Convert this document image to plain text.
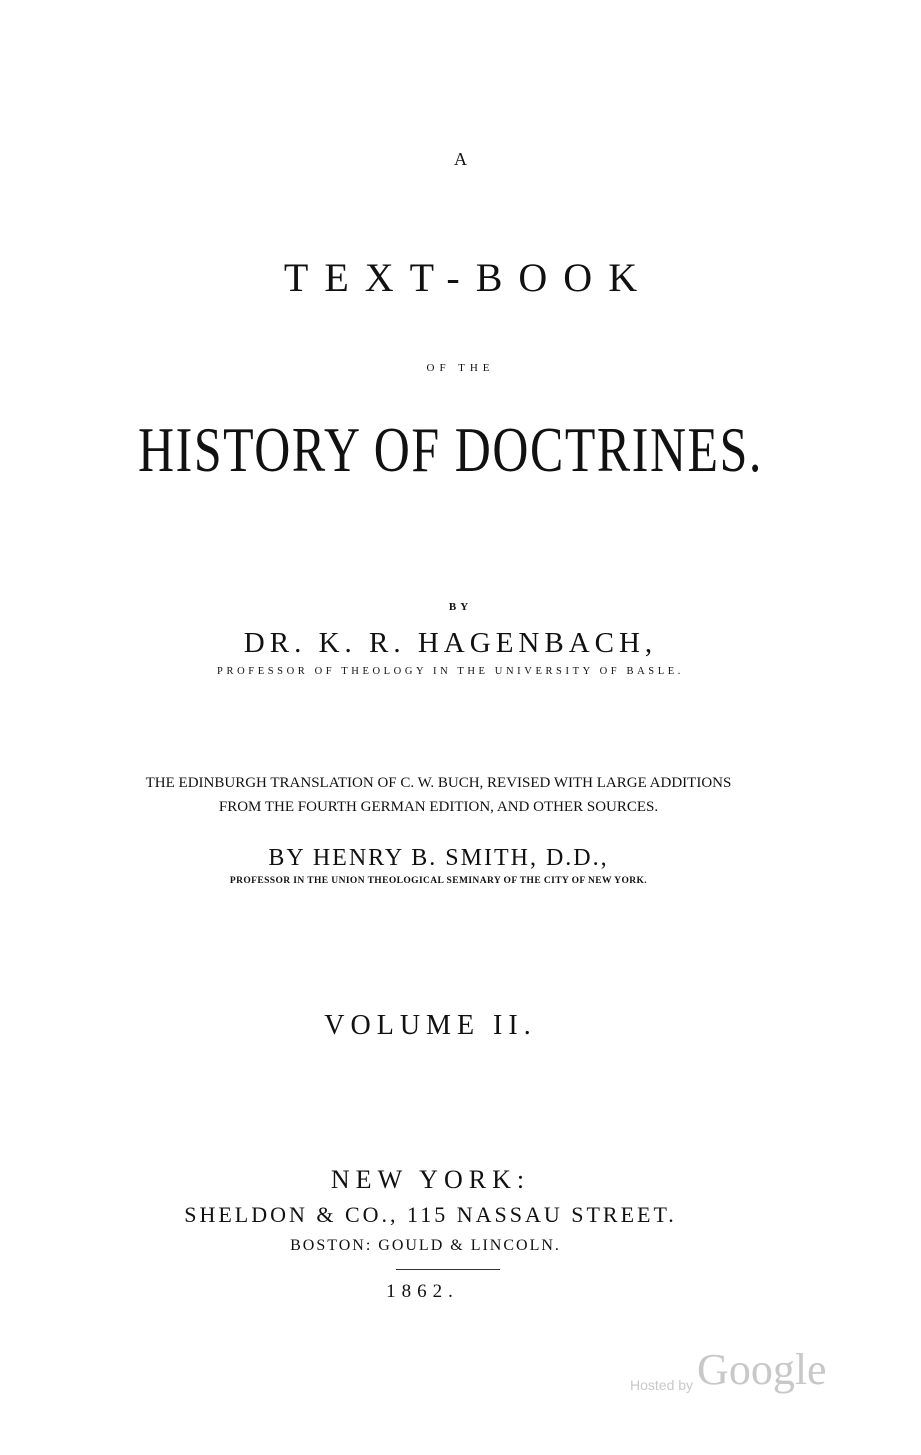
A
TEXT-BOOK
OF THE
HISTORY OF DOCTRINES.
BY
DR. K. R. HAGENBACH,
PROFESSOR OF THEOLOGY IN THE UNIVERSITY OF BASLE.
THE EDINBURGH TRANSLATION OF C. W. BUCH, REVISED WITH LARGE ADDITIONS
FROM THE FOURTH GERMAN EDITION, AND OTHER SOURCES.
BY HENRY B. SMITH, D.D.,
PROFESSOR IN THE UNION THEOLOGICAL SEMINARY OF THE CITY OF NEW YORK.
VOLUME II.
NEW YORK:
SHELDON & CO., 115 NASSAU STREET.
BOSTON: GOULD & LINCOLN.
1862.
Hosted by Google
